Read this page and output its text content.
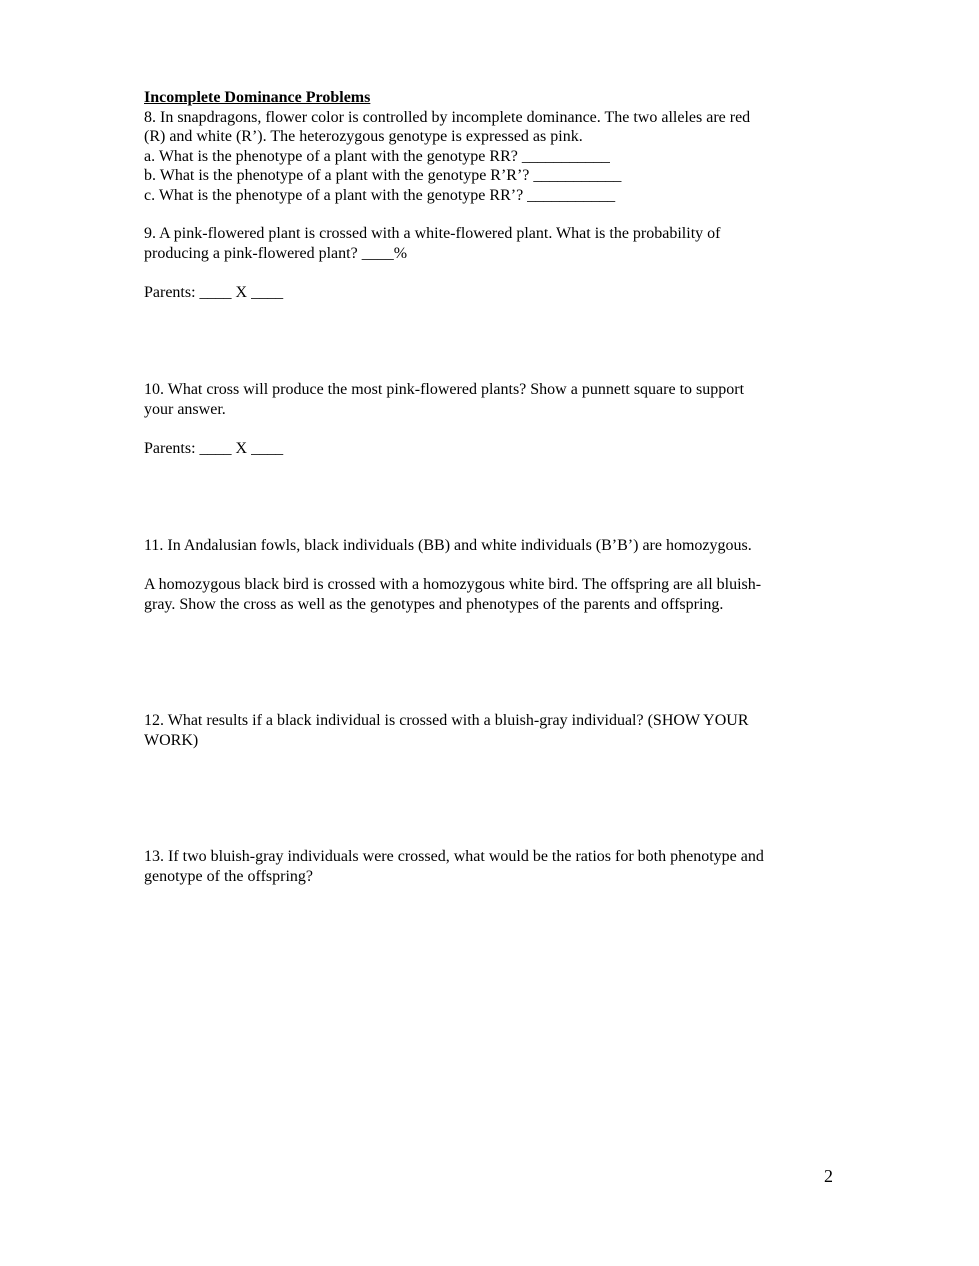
Incomplete Dominance Problems
8. In snapdragons, flower color is controlled by incomplete dominance. The two alleles are red
(R) and white (R’). The heterozygous genotype is expressed as pink.
a. What is the phenotype of a plant with the genotype RR? ___________
b. What is the phenotype of a plant with the genotype R’R’? ___________
c. What is the phenotype of a plant with the genotype RR’? ___________
9. A pink-flowered plant is crossed with a white-flowered plant. What is the probability of
producing a pink-flowered plant? ____%
Parents: ____ X ____
10. What cross will produce the most pink-flowered plants? Show a punnett square to support
your answer.
Parents: ____ X ____
11. In Andalusian fowls, black individuals (BB) and white individuals (B’B’) are homozygous.
A homozygous black bird is crossed with a homozygous white bird. The offspring are all bluish-
gray. Show the cross as well as the genotypes and phenotypes of the parents and offspring.
12. What results if a black individual is crossed with a bluish-gray individual? (SHOW YOUR
WORK)
13. If two bluish-gray individuals were crossed, what would be the ratios for both phenotype and
genotype of the offspring?
2
